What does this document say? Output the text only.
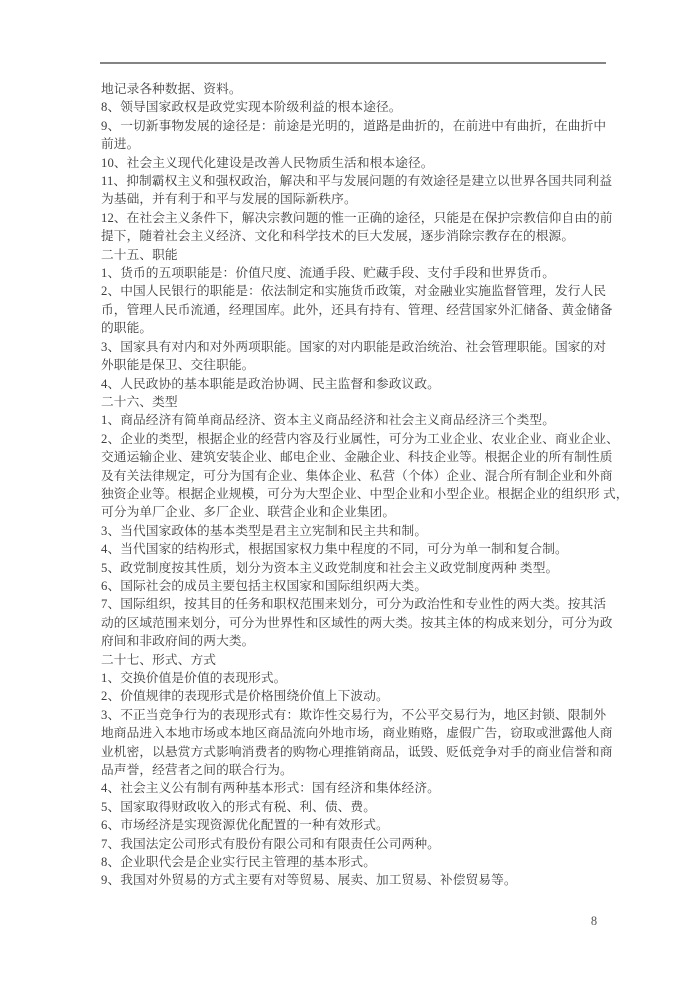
地记录各种数据、资料。
8、领导国家政权是政党实现本阶级利益的根本途径。
9、一切新事物发展的途径是：前途是光明的，道路是曲折的，在前进中有曲折，在曲折中
前进。
10、社会主义现代化建设是改善人民物质生活和根本途径。
11、抑制霸权主义和强权政治，解决和平与发展问题的有效途径是建立以世界各国共同利益
为基础，并有利于和平与发展的国际新秩序。
12、在社会主义条件下，解决宗教问题的惟一正确的途径，只能是在保护宗教信仰自由的前
提下，随着社会主义经济、文化和科学技术的巨大发展，逐步消除宗教存在的根源。
二十五、职能
1、货币的五项职能是：价值尺度、流通手段、贮藏手段、支付手段和世界货币。
2、中国人民银行的职能是：依法制定和实施货币政策，对金融业实施监督管理，发行人民
币，管理人民币流通，经理国库。此外，还具有持有、管理、经营国家外汇储备、黄金储备
的职能。
3、国家具有对内和对外两项职能。国家的对内职能是政治统治、社会管理职能。国家的对
外职能是保卫、交往职能。
4、人民政协的基本职能是政治协调、民主监督和参政议政。
二十六、类型
1、商品经济有简单商品经济、资本主义商品经济和社会主义商品经济三个类型。
2、企业的类型，根据企业的经营内容及行业属性，可分为工业企业、农业企业、商业企业、
交通运输企业、建筑安装企业、邮电企业、金融企业、科技企业等。根据企业的所有制性质
及有关法律规定，可分为国有企业、集体企业、私营（个体）企业、混合所有制企业和外商
独资企业等。根据企业规模，可分为大型企业、中型企业和小型企业。根据企业的组织形 式，
可分为单厂企业、多厂企业、联营企业和企业集团。
3、当代国家政体的基本类型是君主立宪制和民主共和制。
4、当代国家的结构形式，根据国家权力集中程度的不同，可分为单一制和复合制。
5、政党制度按其性质，划分为资本主义政党制度和社会主义政党制度两种 类型。
6、国际社会的成员主要包括主权国家和国际组织两大类。
7、国际组织，按其目的任务和职权范围来划分，可分为政治性和专业性的两大类。按其活
动的区域范围来划分，可分为世界性和区域性的两大类。按其主体的构成来划分，可分为政
府间和非政府间的两大类。
二十七、形式、方式
1、交换价值是价值的表现形式。
2、价值规律的表现形式是价格围绕价值上下波动。
3、不正当竞争行为的表现形式有：欺诈性交易行为，不公平交易行为，地区封锁、限制外
地商品进入本地市场或本地区商品流向外地市场，商业贿赂，虚假广告，窃取或泄露他人商
业机密，以悬赏方式影响消费者的购物心理推销商品，诋毁、贬低竞争对手的商业信誉和商
品声誉，经营者之间的联合行为。
4、社会主义公有制有两种基本形式：国有经济和集体经济。
5、国家取得财政收入的形式有税、利、债、费。
6、市场经济是实现资源优化配置的一种有效形式。
7、我国法定公司形式有股份有限公司和有限责任公司两种。
8、企业职代会是企业实行民主管理的基本形式。
9、我国对外贸易的方式主要有对等贸易、展卖、加工贸易、补偿贸易等。
8
